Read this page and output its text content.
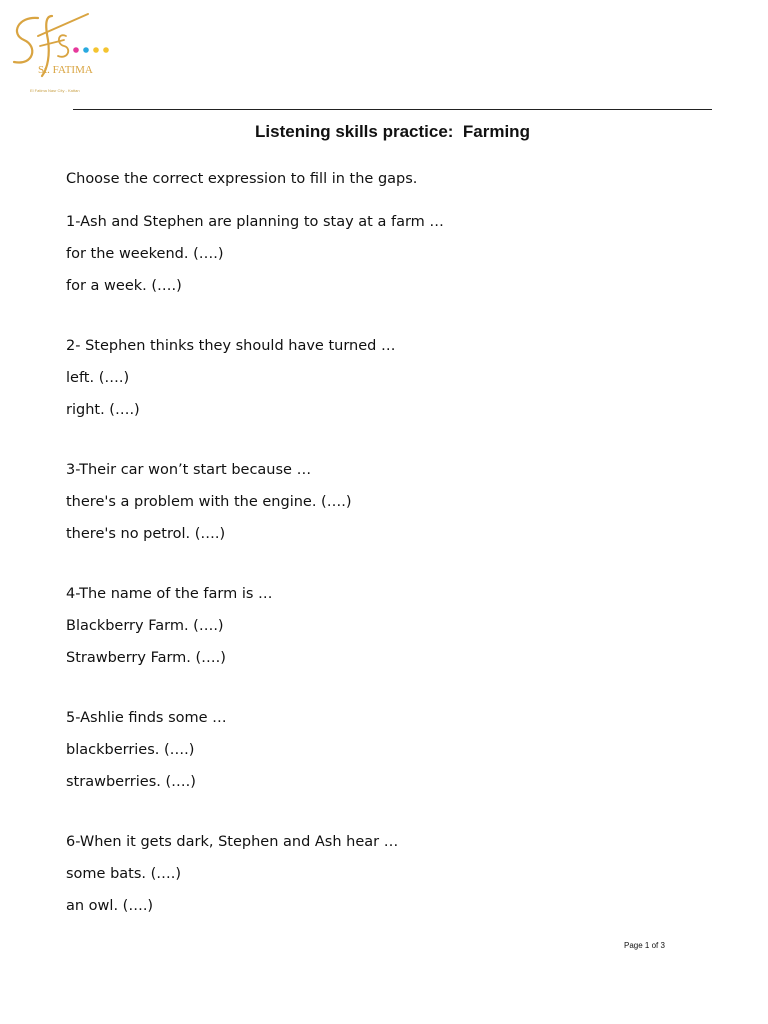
St. FATIMA
El Fatima Nasr City - Kattan
Listening skills practice:  Farming
Choose the correct expression to fill in the gaps.
1-Ash and Stephen are planning to stay at a farm …
for the weekend. (….)
for a week. (….)
2- Stephen thinks they should have turned …
left. (….)
right. (….)
3-Their car won’t start because …
there's a problem with the engine. (….)
there's no petrol. (….)
4-The name of the farm is …
Blackberry Farm. (….)
Strawberry Farm. (….)
5-Ashlie finds some …
blackberries. (….)
strawberries. (….)
6-When it gets dark, Stephen and Ash hear …
some bats. (….)
an owl. (….)
Page 1 of 3
